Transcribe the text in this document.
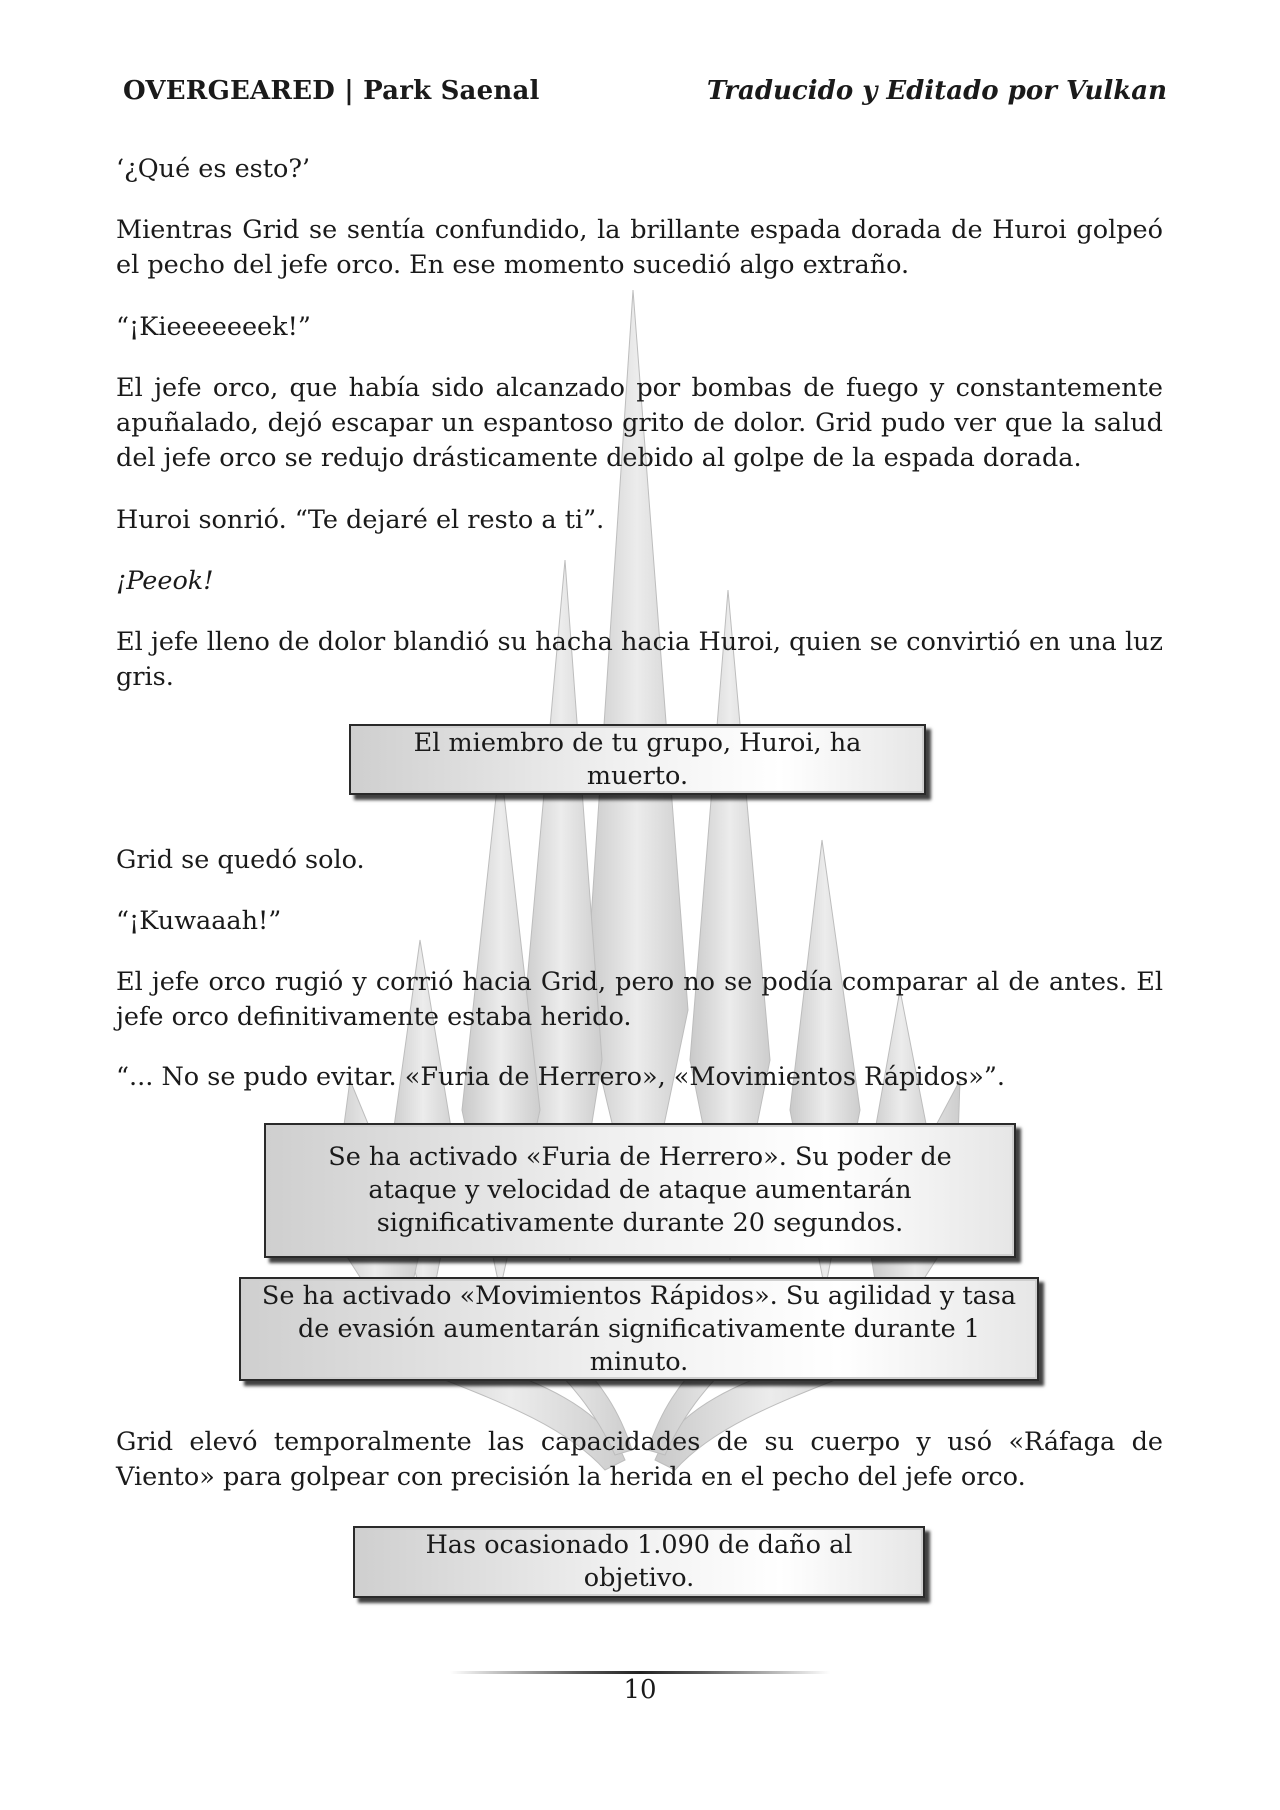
OVERGEARED | Park Saenal	Traducido y Editado por Vulkan

‘¿Qué es esto?’

Mientras Grid se sentía confundido, la brillante espada dorada de Huroi golpeó el pecho del jefe orco. En ese momento sucedió algo extraño.

“¡Kieeeeeeek!”

El jefe orco, que había sido alcanzado por bombas de fuego y constantemente apuñalado, dejó escapar un espantoso grito de dolor. Grid pudo ver que la salud del jefe orco se redujo drásticamente debido al golpe de la espada dorada.

Huroi sonrió. “Te dejaré el resto a ti”.

¡Peeok!

El jefe lleno de dolor blandió su hacha hacia Huroi, quien se convirtió en una luz gris.

El miembro de tu grupo, Huroi, ha muerto.

Grid se quedó solo.

“¡Kuwaaah!”

El jefe orco rugió y corrió hacia Grid, pero no se podía comparar al de antes. El jefe orco definitivamente estaba herido.

“... No se pudo evitar. «Furia de Herrero», «Movimientos Rápidos»”.

Se ha activado «Furia de Herrero». Su poder de ataque y velocidad de ataque aumentarán significativamente durante 20 segundos.
Se ha activado «Movimientos Rápidos». Su agilidad y tasa de evasión aumentarán significativamente durante 1 minuto.

Grid elevó temporalmente las capacidades de su cuerpo y usó «Ráfaga de Viento» para golpear con precisión la herida en el pecho del jefe orco.

Has ocasionado 1.090 de daño al objetivo.
10
